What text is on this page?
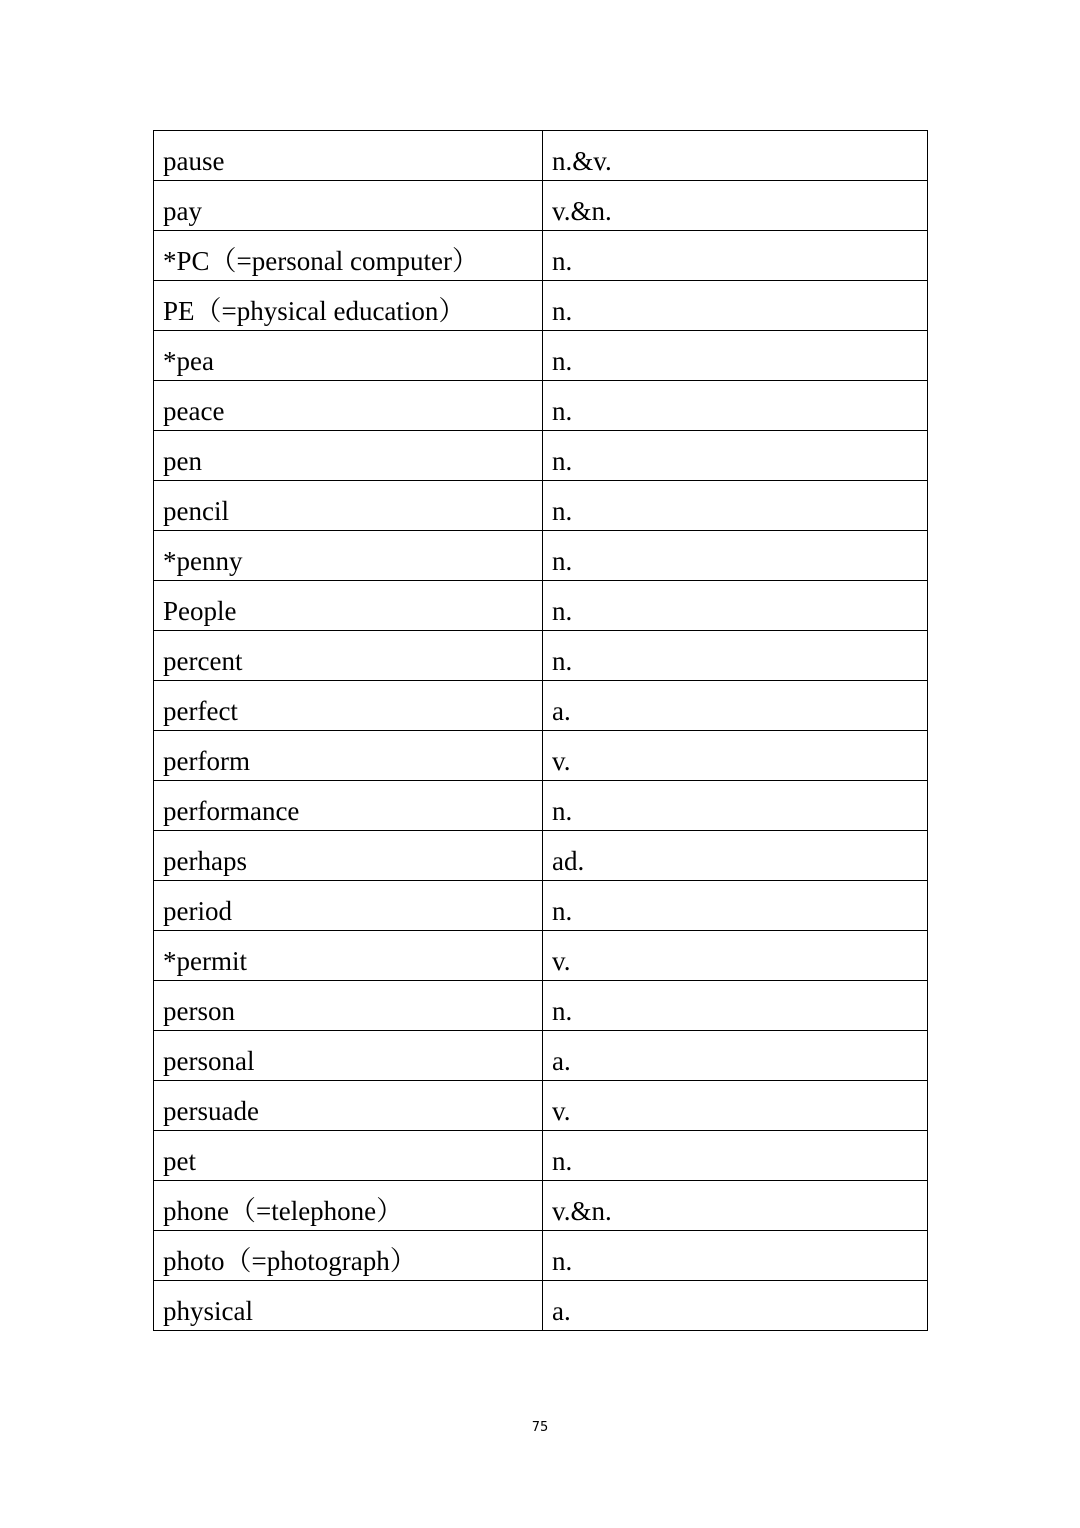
pause	n.&v.
pay	v.&n.
*PC（=personal computer）	n.
PE（=physical education）	n.
*pea	n.
peace	n.
pen	n.
pencil	n.
*penny	n.
People	n.
percent	n.
perfect	a.
perform	v.
performance	n.
perhaps	ad.
period	n.
*permit	v.
person	n.
personal	a.
persuade	v.
pet	n.
phone（=telephone）	v.&n.
photo（=photograph）	n.
physical	a.
75
